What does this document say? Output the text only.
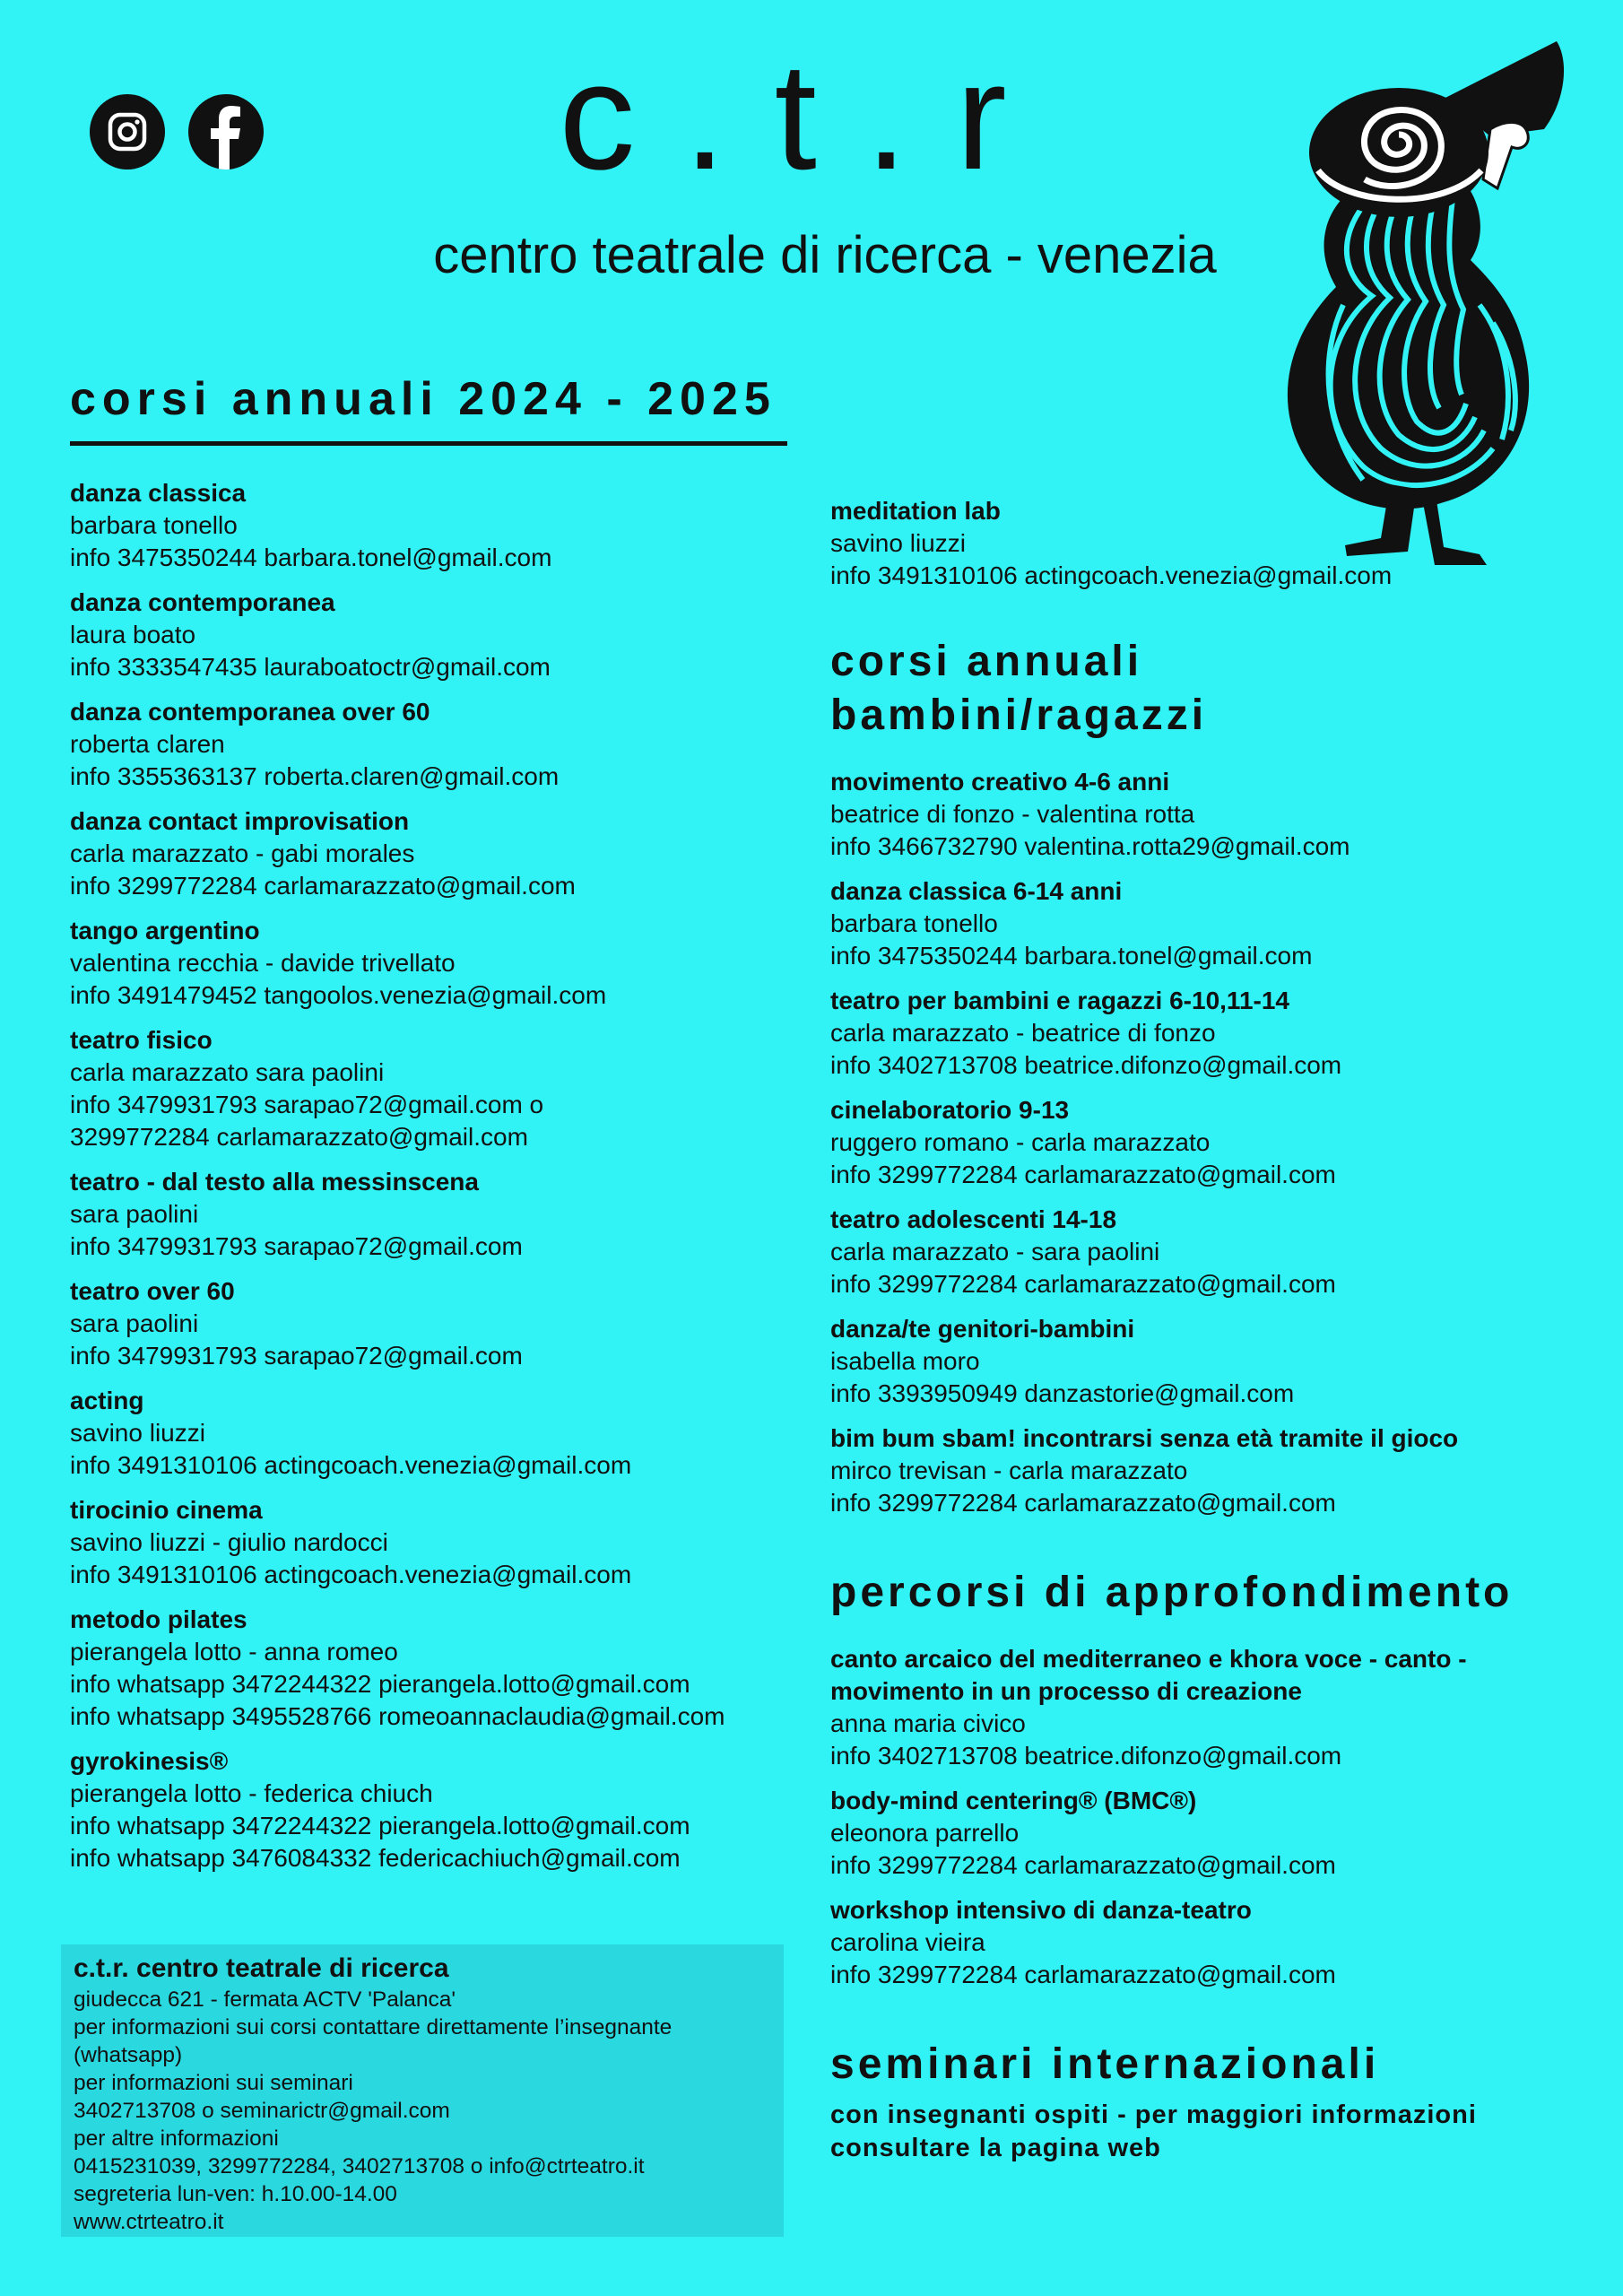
c.t.r
centro teatrale di ricerca - venezia
corsi annuali 2024 - 2025
danza classica
barbara tonello
info 3475350244 barbara.tonel@gmail.com
danza contemporanea
laura boato
info 3333547435 lauraboatoctr@gmail.com
danza contemporanea over 60
roberta claren
info 3355363137 roberta.claren@gmail.com
danza contact improvisation
carla marazzato - gabi morales
info 3299772284 carlamarazzato@gmail.com
tango argentino
valentina recchia - davide trivellato
info 3491479452 tangoolos.venezia@gmail.com
teatro fisico
carla marazzato sara paolini
info 3479931793 sarapao72@gmail.com o
3299772284 carlamarazzato@gmail.com
teatro - dal testo alla messinscena
sara paolini
info 3479931793 sarapao72@gmail.com
teatro over 60
sara paolini
info 3479931793 sarapao72@gmail.com
acting
savino liuzzi
info 3491310106 actingcoach.venezia@gmail.com
tirocinio cinema
savino liuzzi - giulio nardocci
info 3491310106 actingcoach.venezia@gmail.com
metodo pilates
pierangela lotto - anna romeo
info whatsapp 3472244322 pierangela.lotto@gmail.com
info whatsapp 3495528766 romeoannaclaudia@gmail.com
gyrokinesis®
pierangela lotto - federica chiuch
info whatsapp 3472244322 pierangela.lotto@gmail.com
info whatsapp 3476084332 federicachiuch@gmail.com
meditation lab
savino liuzzi
info 3491310106 actingcoach.venezia@gmail.com
corsi annuali
bambini/ragazzi
movimento creativo 4-6 anni
beatrice di fonzo - valentina rotta
info 3466732790 valentina.rotta29@gmail.com
danza classica 6-14 anni
barbara tonello
info 3475350244 barbara.tonel@gmail.com
teatro per bambini e ragazzi 6-10,11-14
carla marazzato - beatrice di fonzo
info 3402713708 beatrice.difonzo@gmail.com
cinelaboratorio 9-13
ruggero romano - carla marazzato
info 3299772284 carlamarazzato@gmail.com
teatro adolescenti 14-18
carla marazzato - sara paolini
info 3299772284 carlamarazzato@gmail.com
danza/te genitori-bambini
isabella moro
info 3393950949 danzastorie@gmail.com
bim bum sbam! incontrarsi senza età tramite il gioco
mirco trevisan - carla marazzato
info 3299772284 carlamarazzato@gmail.com
percorsi di approfondimento
canto arcaico del mediterraneo e khora voce - canto -
movimento in un processo di creazione
anna maria civico
info 3402713708 beatrice.difonzo@gmail.com
body-mind centering® (BMC®)
eleonora parrello
info 3299772284 carlamarazzato@gmail.com
workshop intensivo di danza-teatro
carolina vieira
info 3299772284 carlamarazzato@gmail.com
seminari internazionali
con insegnanti ospiti - per maggiori informazioni
consultare la pagina web
c.t.r. centro teatrale di ricerca
giudecca 621 - fermata ACTV 'Palanca'
per informazioni sui corsi contattare direttamente l’insegnante
(whatsapp)
per informazioni sui seminari
3402713708 o seminarictr@gmail.com
per altre informazioni
0415231039, 3299772284, 3402713708 o info@ctrteatro.it
segreteria lun-ven: h.10.00-14.00
www.ctrteatro.it
